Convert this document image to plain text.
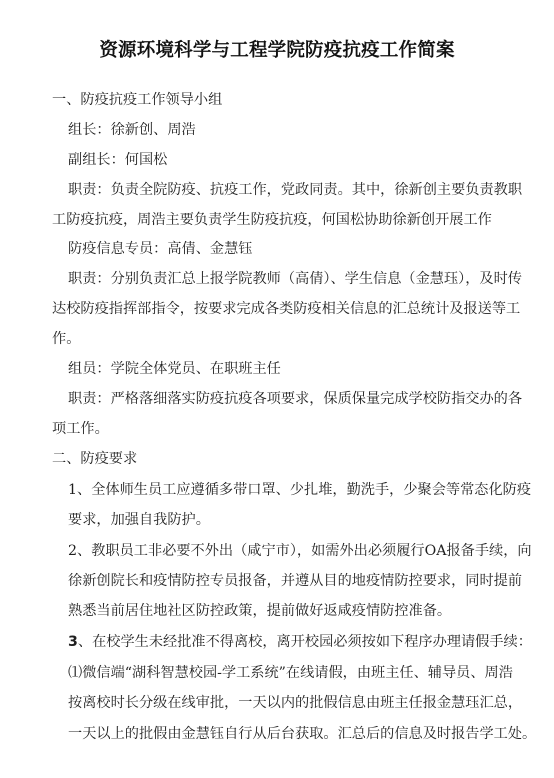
资源环境科学与工程学院防疫抗疫工作简案
一、防疫抗疫工作领导小组
组长：徐新创、周浩
副组长：何国松
职责：负责全院防疫、抗疫工作，党政同责。其中，徐新创主要负责教职
工防疫抗疫，周浩主要负责学生防疫抗疫，何国松协助徐新创开展工作
防疫信息专员：高倩、金慧钰
职责：分别负责汇总上报学院教师（高倩）、学生信息（金慧珏），及时传
达校防疫指挥部指令，按要求完成各类防疫相关信息的汇总统计及报送等工
作。
组员：学院全体党员、在职班主任
职责：严格落细落实防疫抗疫各项要求，保质保量完成学校防指交办的各
项工作。
二、防疫要求
1、全体师生员工应遵循多带口罩、少扎堆，勤洗手，少聚会等常态化防疫
要求，加强自我防护。
2、教职员工非必要不外出（咸宁市），如需外出必须履行OA报备手续，向
徐新创院长和疫情防控专员报备，并遵从目的地疫情防控要求，同时提前
熟悉当前居住地社区防控政策，提前做好返咸疫情防控准备。
3、在校学生未经批准不得离校，离开校园必须按如下程序办理请假手续：
⑴微信端“湖科智慧校园-学工系统”在线请假，由班主任、辅导员、周浩
按离校时长分级在线审批，一天以内的批假信息由班主任报金慧珏汇总，
一天以上的批假由金慧钰自行从后台获取。汇总后的信息及时报告学工处。
